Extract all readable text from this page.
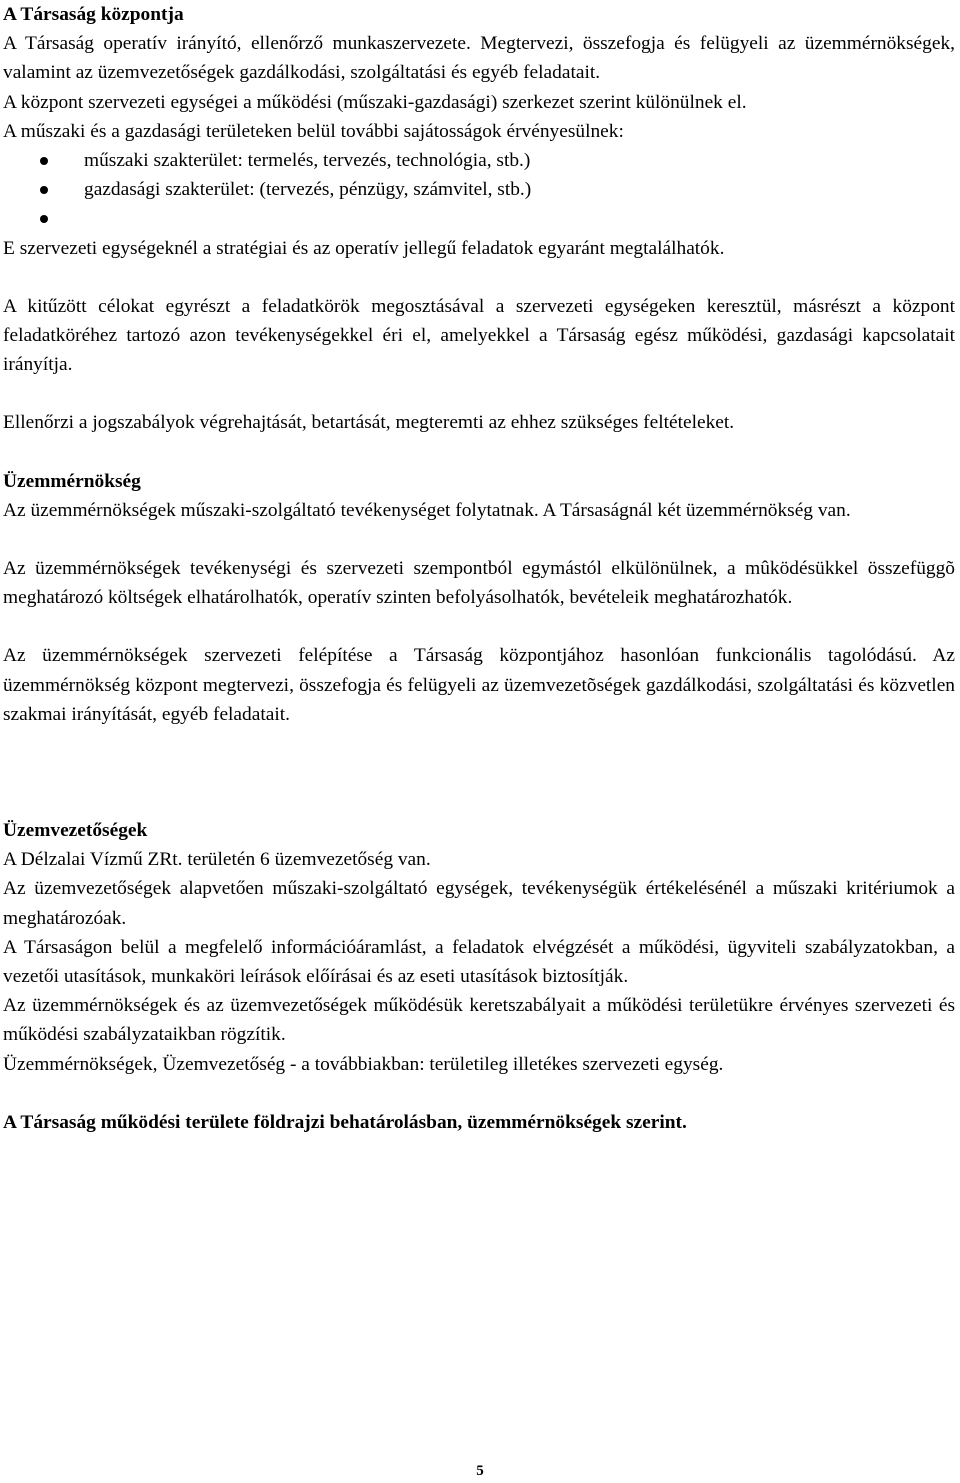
A Társaság központja

A Társaság operatív irányító, ellenőrző munkaszervezete. Megtervezi, összefogja és felügyeli az üzemmérnökségek, valamint az üzemvezetőségek gazdálkodási, szolgáltatási és egyéb feladatait.

A központ szervezeti egységei a működési (műszaki-gazdasági) szerkezet szerint különülnek el.

A műszaki és a gazdasági területeken belül további sajátosságok érvényesülnek:

műszaki szakterület: termelés, tervezés, technológia, stb.)
gazdasági szakterület: (tervezés, pénzügy, számvitel, stb.)

E szervezeti egységeknél a stratégiai és az operatív jellegű feladatok egyaránt megtalálhatók.

A kitűzött célokat egyrészt a feladatkörök megosztásával a szervezeti egységeken keresztül, másrészt a központ feladatköréhez tartozó azon tevékenységekkel éri el, amelyekkel a Társaság egész működési, gazdasági kapcsolatait irányítja.

Ellenőrzi a jogszabályok végrehajtását, betartását, megteremti az ehhez szükséges feltételeket.

Üzemmérnökség

Az üzemmérnökségek műszaki-szolgáltató tevékenységet folytatnak. A Társaságnál két üzemmérnökség van.

Az üzemmérnökségek tevékenységi és szervezeti szempontból egymástól elkülönülnek, a mûködésükkel összefüggõ meghatározó költségek elhatárolhatók, operatív szinten befolyásolhatók, bevételeik meghatározhatók.

Az üzemmérnökségek szervezeti felépítése a Társaság központjához hasonlóan funkcionális tagolódású. Az üzemmérnökség központ megtervezi, összefogja és felügyeli az üzemvezetõségek gazdálkodási, szolgáltatási és közvetlen szakmai irányítását, egyéb feladatait.

Üzemvezetőségek

A Délzalai Vízmű ZRt. területén 6 üzemvezetőség van.

Az üzemvezetőségek alapvetően műszaki-szolgáltató egységek, tevékenységük értékelésénél a műszaki kritériumok a meghatározóak.

A Társaságon belül a megfelelő információáramlást, a feladatok elvégzését a működési, ügyviteli szabályzatokban, a vezetői utasítások, munkaköri leírások előírásai és az eseti utasítások biztosítják.

Az üzemmérnökségek és az üzemvezetőségek működésük keretszabályait a működési területükre érvényes szervezeti és működési szabályzataikban rögzítik.

Üzemmérnökségek, Üzemvezetőség - a továbbiakban: területileg illetékes szervezeti egység.

A Társaság működési területe földrajzi behatárolásban, üzemmérnökségek szerint.
5
